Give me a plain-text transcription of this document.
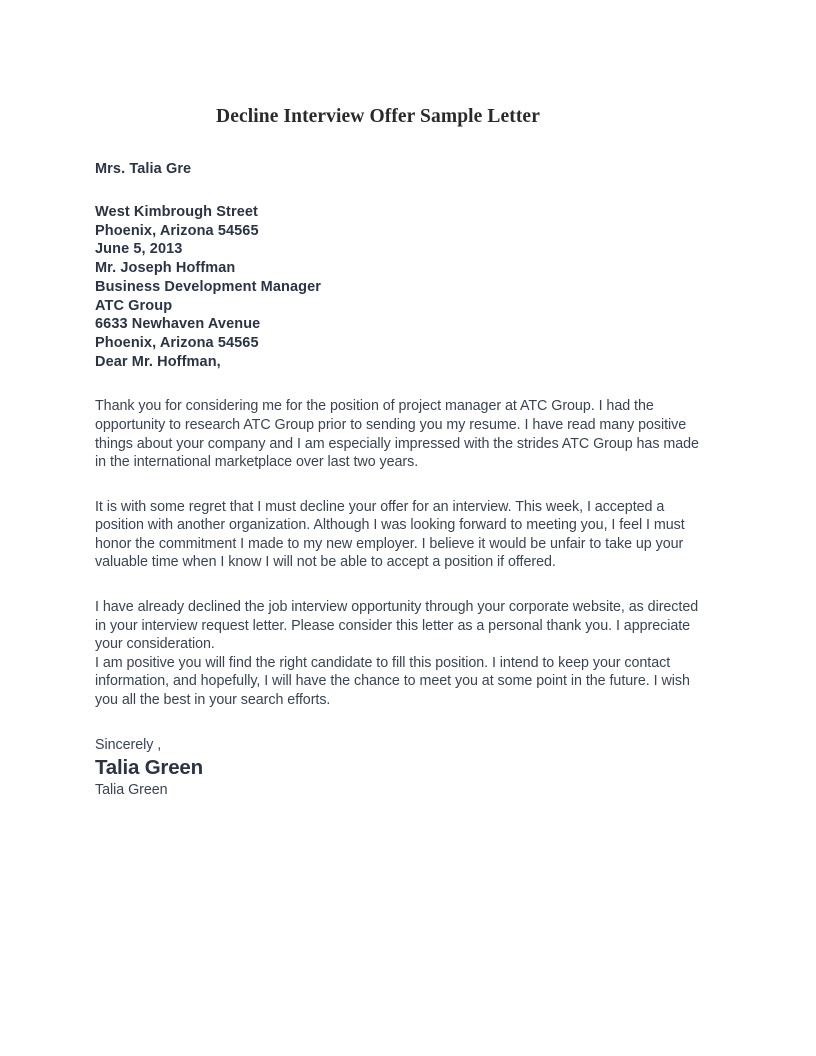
Decline Interview Offer Sample Letter
Mrs. Talia Gre
West Kimbrough Street
Phoenix, Arizona 54565
June 5, 2013
Mr. Joseph Hoffman
Business Development Manager
ATC Group
6633 Newhaven Avenue
Phoenix, Arizona 54565
Dear Mr. Hoffman,

Thank you for considering me for the position of project manager at ATC Group. I had the opportunity to research ATC Group prior to sending you my resume. I have read many positive things about your company and I am especially impressed with the strides ATC Group has made in the international marketplace over last two years.

It is with some regret that I must decline your offer for an interview. This week, I accepted a position with another organization. Although I was looking forward to meeting you, I feel I must honor the commitment I made to my new employer. I believe it would be unfair to take up your valuable time when I know I will not be able to accept a position if offered.

I have already declined the job interview opportunity through your corporate website, as directed in your interview request letter. Please consider this letter as a personal thank you. I appreciate your consideration.

I am positive you will find the right candidate to fill this position. I intend to keep your contact information, and hopefully, I will have the chance to meet you at some point in the future. I wish you all the best in your search efforts.

Sincerely ,
Talia Green
Talia Green
